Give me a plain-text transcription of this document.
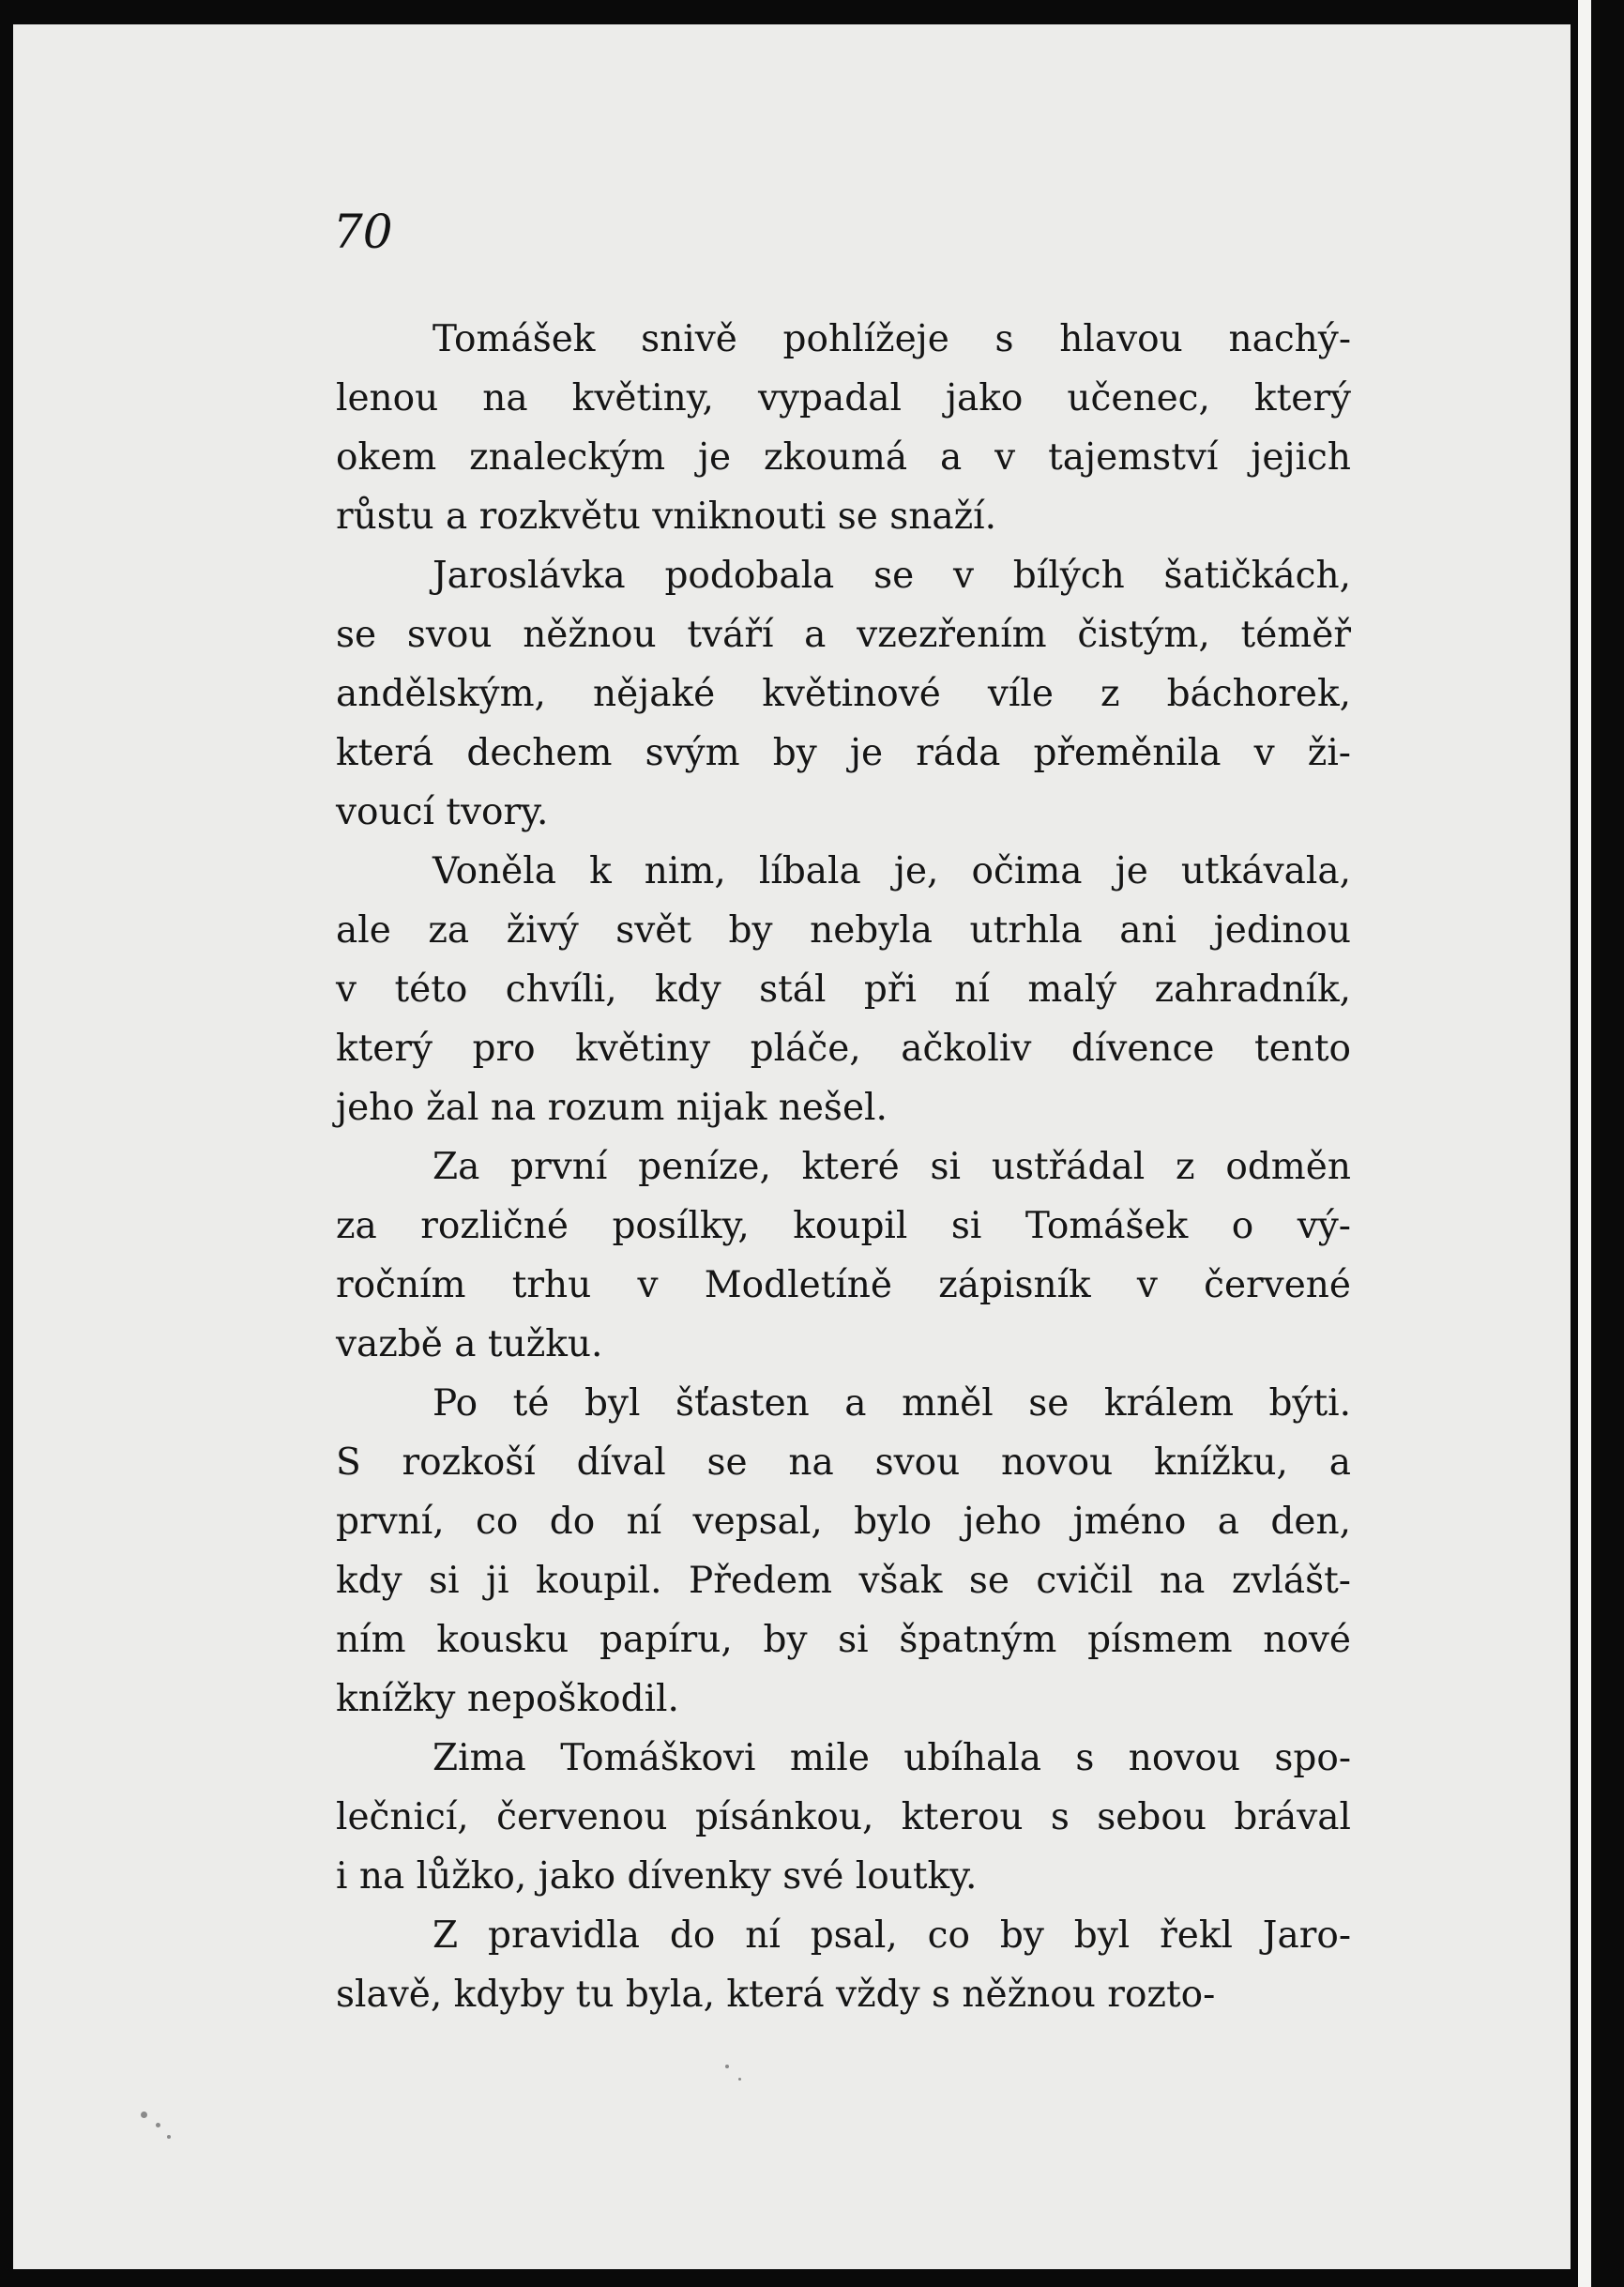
70
Tomášek snivě pohlížeje s hlavou nachý-
lenou na květiny, vypadal jako učenec, který
okem znaleckým je zkoumá a v tajemství jejich
růstu a rozkvětu vniknouti se snaží.
Jaroslávka podobala se v bílých šatičkách,
se svou něžnou tváří a vzezřením čistým, téměř
andělským, nějaké květinové víle z báchorek,
která dechem svým by je ráda přeměnila v ži-
voucí tvory.
Voněla k nim, líbala je, očima je utkávala,
ale za živý svět by nebyla utrhla ani jedinou
v této chvíli, kdy stál při ní malý zahradník,
který pro květiny pláče, ačkoliv dívence tento
jeho žal na rozum nijak nešel.
Za první peníze, které si ustřádal z odměn
za rozličné posílky, koupil si Tomášek o vý-
ročním trhu v Modletíně zápisník v červené
vazbě a tužku.
Po té byl šťasten a mněl se králem býti.
S rozkoší díval se na svou novou knížku, a
první, co do ní vepsal, bylo jeho jméno a den,
kdy si ji koupil. Předem však se cvičil na zvlášt-
ním kousku papíru, by si špatným písmem nové
knížky nepoškodil.
Zima Tomáškovi mile ubíhala s novou spo-
lečnicí, červenou písánkou, kterou s sebou brával
i na lůžko, jako dívenky své loutky.
Z pravidla do ní psal, co by byl řekl Jaro-
slavě, kdyby tu byla, která vždy s něžnou rozto-
